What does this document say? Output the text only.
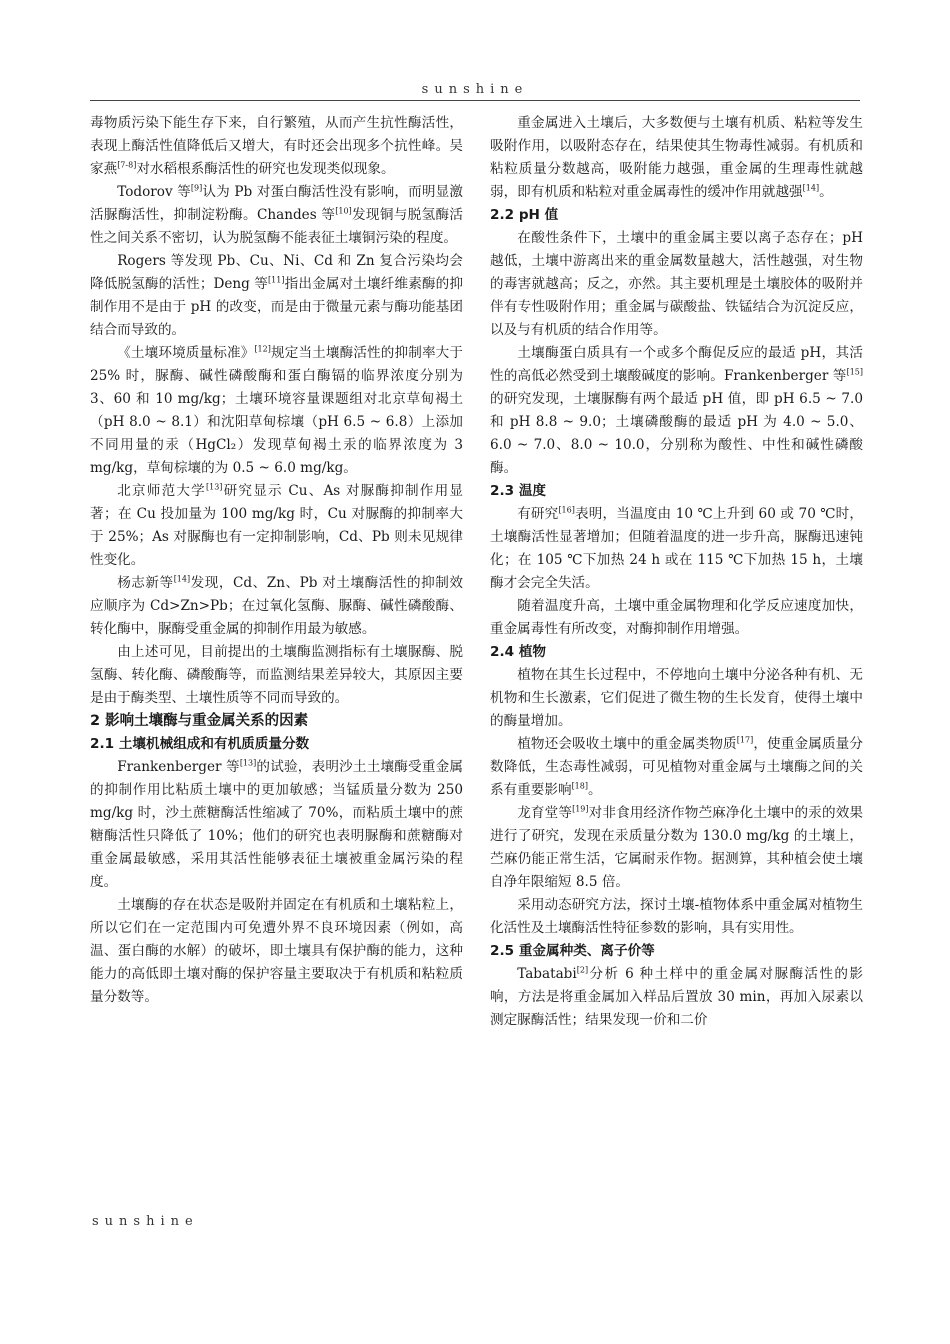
sunshine

毒物质污染下能生存下来，自行繁殖，从而产生抗性酶活性，表现上酶活性值降低后又增大，有时还会出现多个抗性峰。吴家燕[7-8]对水稻根系酶活性的研究也发现类似现象。

Todorov 等[9]认为 Pb 对蛋白酶活性没有影响，而明显激活脲酶活性，抑制淀粉酶。Chandes 等[10]发现铜与脱氢酶活性之间关系不密切，认为脱氢酶不能表征土壤铜污染的程度。

Rogers 等发现 Pb、Cu、Ni、Cd 和 Zn 复合污染均会降低脱氢酶的活性；Deng 等[11]指出金属对土壤纤维素酶的抑制作用不是由于 pH 的改变，而是由于微量元素与酶功能基团结合而导致的。

《土壤环境质量标准》[12]规定当土壤酶活性的抑制率大于 25% 时，脲酶、碱性磷酸酶和蛋白酶镉的临界浓度分别为 3、60 和 10 mg/kg；土壤环境容量课题组对北京草甸褐土（pH 8.0 ~ 8.1）和沈阳草甸棕壤（pH 6.5 ~ 6.8）上添加不同用量的汞（HgCl₂）发现草甸褐土汞的临界浓度为 3 mg/kg，草甸棕壤的为 0.5 ~ 6.0 mg/kg。

北京师范大学[13]研究显示 Cu、As 对脲酶抑制作用显著；在 Cu 投加量为 100 mg/kg 时，Cu 对脲酶的抑制率大于 25%；As 对脲酶也有一定抑制影响，Cd、Pb 则未见规律性变化。

杨志新等[14]发现，Cd、Zn、Pb 对土壤酶活性的抑制效应顺序为 Cd>Zn>Pb；在过氧化氢酶、脲酶、碱性磷酸酶、转化酶中，脲酶受重金属的抑制作用最为敏感。

由上述可见，目前提出的土壤酶监测指标有土壤脲酶、脱氢酶、转化酶、磷酸酶等，而监测结果差异较大，其原因主要是由于酶类型、土壤性质等不同而导致的。

2 影响土壤酶与重金属关系的因素
2.1 土壤机械组成和有机质质量分数

Frankenberger 等[13]的试验，表明沙土土壤酶受重金属的抑制作用比粘质土壤中的更加敏感；当锰质量分数为 250 mg/kg 时，沙土蔗糖酶活性缩减了 70%，而粘质土壤中的蔗糖酶活性只降低了 10%；他们的研究也表明脲酶和蔗糖酶对重金属最敏感，采用其活性能够表征土壤被重金属污染的程度。

土壤酶的存在状态是吸附并固定在有机质和土壤粘粒上，所以它们在一定范围内可免遭外界不良环境因素（例如，高温、蛋白酶的水解）的破坏，即土壤具有保护酶的能力，这种能力的高低即土壤对酶的保护容量主要取决于有机质和粘粒质量分数等。

重金属进入土壤后，大多数便与土壤有机质、粘粒等发生吸附作用，以吸附态存在，结果使其生物毒性减弱。有机质和粘粒质量分数越高，吸附能力越强，重金属的生理毒性就越弱，即有机质和粘粒对重金属毒性的缓冲作用就越强[14]。

2.2 pH 值

在酸性条件下，土壤中的重金属主要以离子态存在；pH 越低，土壤中游离出来的重金属数量越大，活性越强，对生物的毒害就越高；反之，亦然。其主要机理是土壤胶体的吸附并伴有专性吸附作用；重金属与碳酸盐、铁锰结合为沉淀反应，以及与有机质的结合作用等。

土壤酶蛋白质具有一个或多个酶促反应的最适 pH，其活性的高低必然受到土壤酸碱度的影响。Frankenberger 等[15]的研究发现，土壤脲酶有两个最适 pH 值，即 pH 6.5 ~ 7.0 和 pH 8.8 ~ 9.0；土壤磷酸酶的最适 pH 为 4.0 ~ 5.0、6.0 ~ 7.0、8.0 ~ 10.0，分别称为酸性、中性和碱性磷酸酶。

2.3 温度

有研究[16]表明，当温度由 10 ℃上升到 60 或 70 ℃时，土壤酶活性显著增加；但随着温度的进一步升高，脲酶迅速钝化；在 105 ℃下加热 24 h 或在 115 ℃下加热 15 h，土壤酶才会完全失活。

随着温度升高，土壤中重金属物理和化学反应速度加快，重金属毒性有所改变，对酶抑制作用增强。

2.4 植物

植物在其生长过程中，不停地向土壤中分泌各种有机、无机物和生长激素，它们促进了微生物的生长发育，使得土壤中的酶量增加。

植物还会吸收土壤中的重金属类物质[17]，使重金属质量分数降低，生态毒性减弱，可见植物对重金属与土壤酶之间的关系有重要影响[18]。

龙育堂等[19]对非食用经济作物苎麻净化土壤中的汞的效果进行了研究，发现在汞质量分数为 130.0 mg/kg 的土壤上，苎麻仍能正常生活，它属耐汞作物。据测算，其种植会使土壤自净年限缩短 8.5 倍。

采用动态研究方法，探讨土壤-植物体系中重金属对植物生化活性及土壤酶活性特征参数的影响，具有实用性。

2.5 重金属种类、离子价等

Tabatabi[2]分析 6 种土样中的重金属对脲酶活性的影响，方法是将重金属加入样品后置放 30 min，再加入尿素以测定脲酶活性；结果发现一价和二价

sunshine
